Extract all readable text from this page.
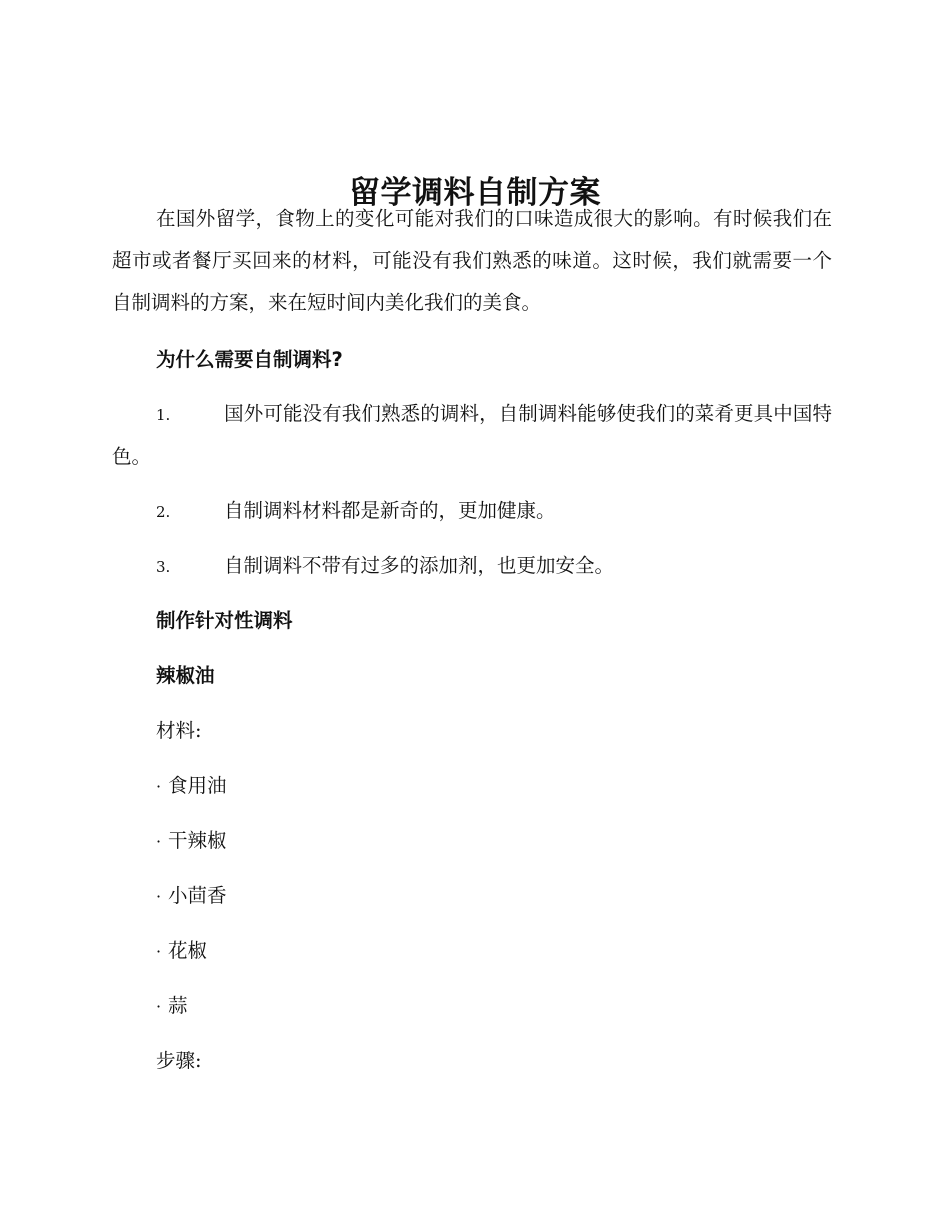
留学调料自制方案

在国外留学，食物上的变化可能对我们的口味造成很大的影响。有时候我们在超市或者餐厅买回来的材料，可能没有我们熟悉的味道。这时候，我们就需要一个自制调料的方案，来在短时间内美化我们的美食。

为什么需要自制调料?

1.	国外可能没有我们熟悉的调料，自制调料能够使我们的菜肴更具中国特色。

2.	自制调料材料都是新奇的，更加健康。

3.	自制调料不带有过多的添加剂，也更加安全。

制作针对性调料
辣椒油

材料:

· 食用油

· 干辣椒

· 小茴香

· 花椒

· 蒜

步骤:
